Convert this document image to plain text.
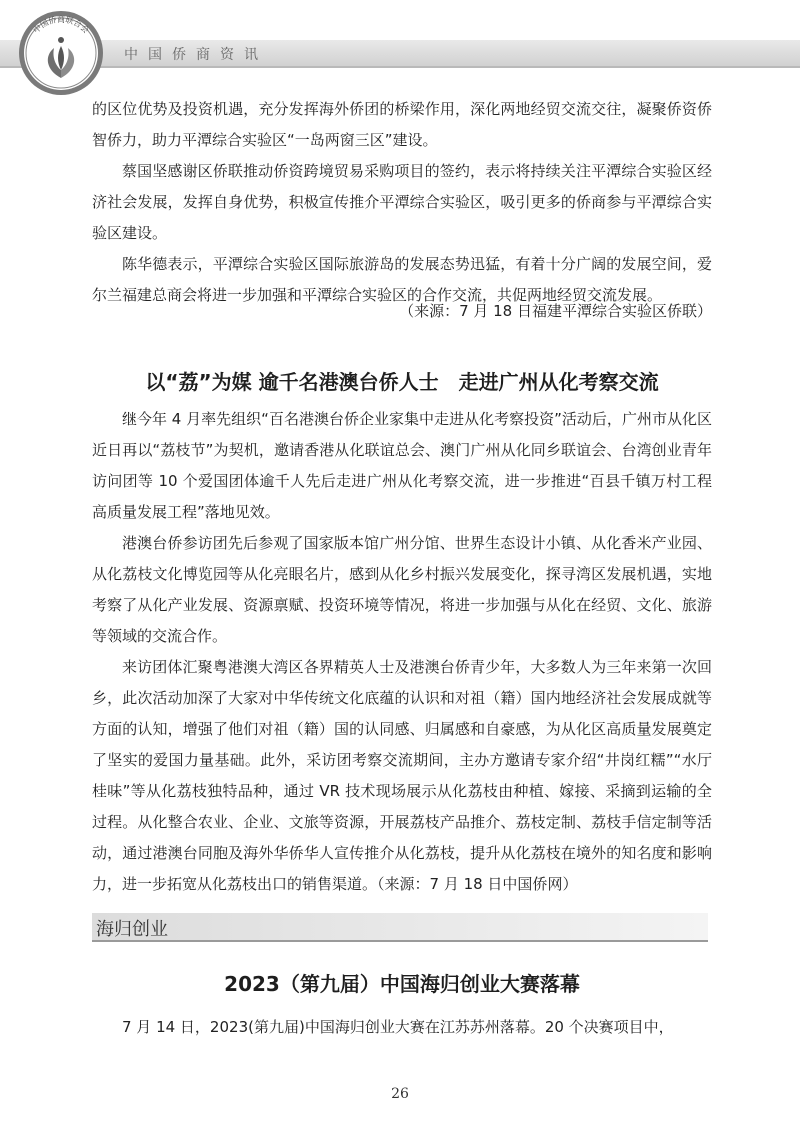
中国侨商资讯
中国侨商联合会

的区位优势及投资机遇，充分发挥海外侨团的桥梁作用，深化两地经贸交流交往，凝聚侨资侨智侨力，助力平潭综合实验区“一岛两窗三区”建设。

蔡国坚感谢区侨联推动侨资跨境贸易采购项目的签约，表示将持续关注平潭综合实验区经济社会发展，发挥自身优势，积极宣传推介平潭综合实验区，吸引更多的侨商参与平潭综合实验区建设。

陈华德表示，平潭综合实验区国际旅游岛的发展态势迅猛，有着十分广阔的发展空间，爱尔兰福建总商会将进一步加强和平潭综合实验区的合作交流，共促两地经贸交流发展。

（来源：7 月 18 日福建平潭综合实验区侨联）

以“荔”为媒 逾千名港澳台侨人士　走进广州从化考察交流

继今年 4 月率先组织“百名港澳台侨企业家集中走进从化考察投资”活动后，广州市从化区近日再以“荔枝节”为契机，邀请香港从化联谊总会、澳门广州从化同乡联谊会、台湾创业青年访问团等 10 个爱国团体逾千人先后走进广州从化考察交流，进一步推进“百县千镇万村工程高质量发展工程”落地见效。

港澳台侨参访团先后参观了国家版本馆广州分馆、世界生态设计小镇、从化香米产业园、从化荔枝文化博览园等从化亮眼名片，感到从化乡村振兴发展变化，探寻湾区发展机遇，实地考察了从化产业发展、资源禀赋、投资环境等情况，将进一步加强与从化在经贸、文化、旅游等领域的交流合作。

来访团体汇聚粤港澳大湾区各界精英人士及港澳台侨青少年，大多数人为三年来第一次回乡，此次活动加深了大家对中华传统文化底蕴的认识和对祖（籍）国内地经济社会发展成就等方面的认知，增强了他们对祖（籍）国的认同感、归属感和自豪感，为从化区高质量发展奠定了坚实的爱国力量基础。此外，采访团考察交流期间，主办方邀请专家介绍“井岗红糯”“水厅桂味”等从化荔枝独特品种，通过 VR 技术现场展示从化荔枝由种植、嫁接、采摘到运输的全过程。从化整合农业、企业、文旅等资源，开展荔枝产品推介、荔枝定制、荔枝手信定制等活动，通过港澳台同胞及海外华侨华人宣传推介从化荔枝，提升从化荔枝在境外的知名度和影响力，进一步拓宽从化荔枝出口的销售渠道。（来源：7 月 18 日中国侨网）

海归创业
2023（第九届）中国海归创业大赛落幕

7 月 14 日，2023(第九届)中国海归创业大赛在江苏苏州落幕。20 个决赛项目中，

26
